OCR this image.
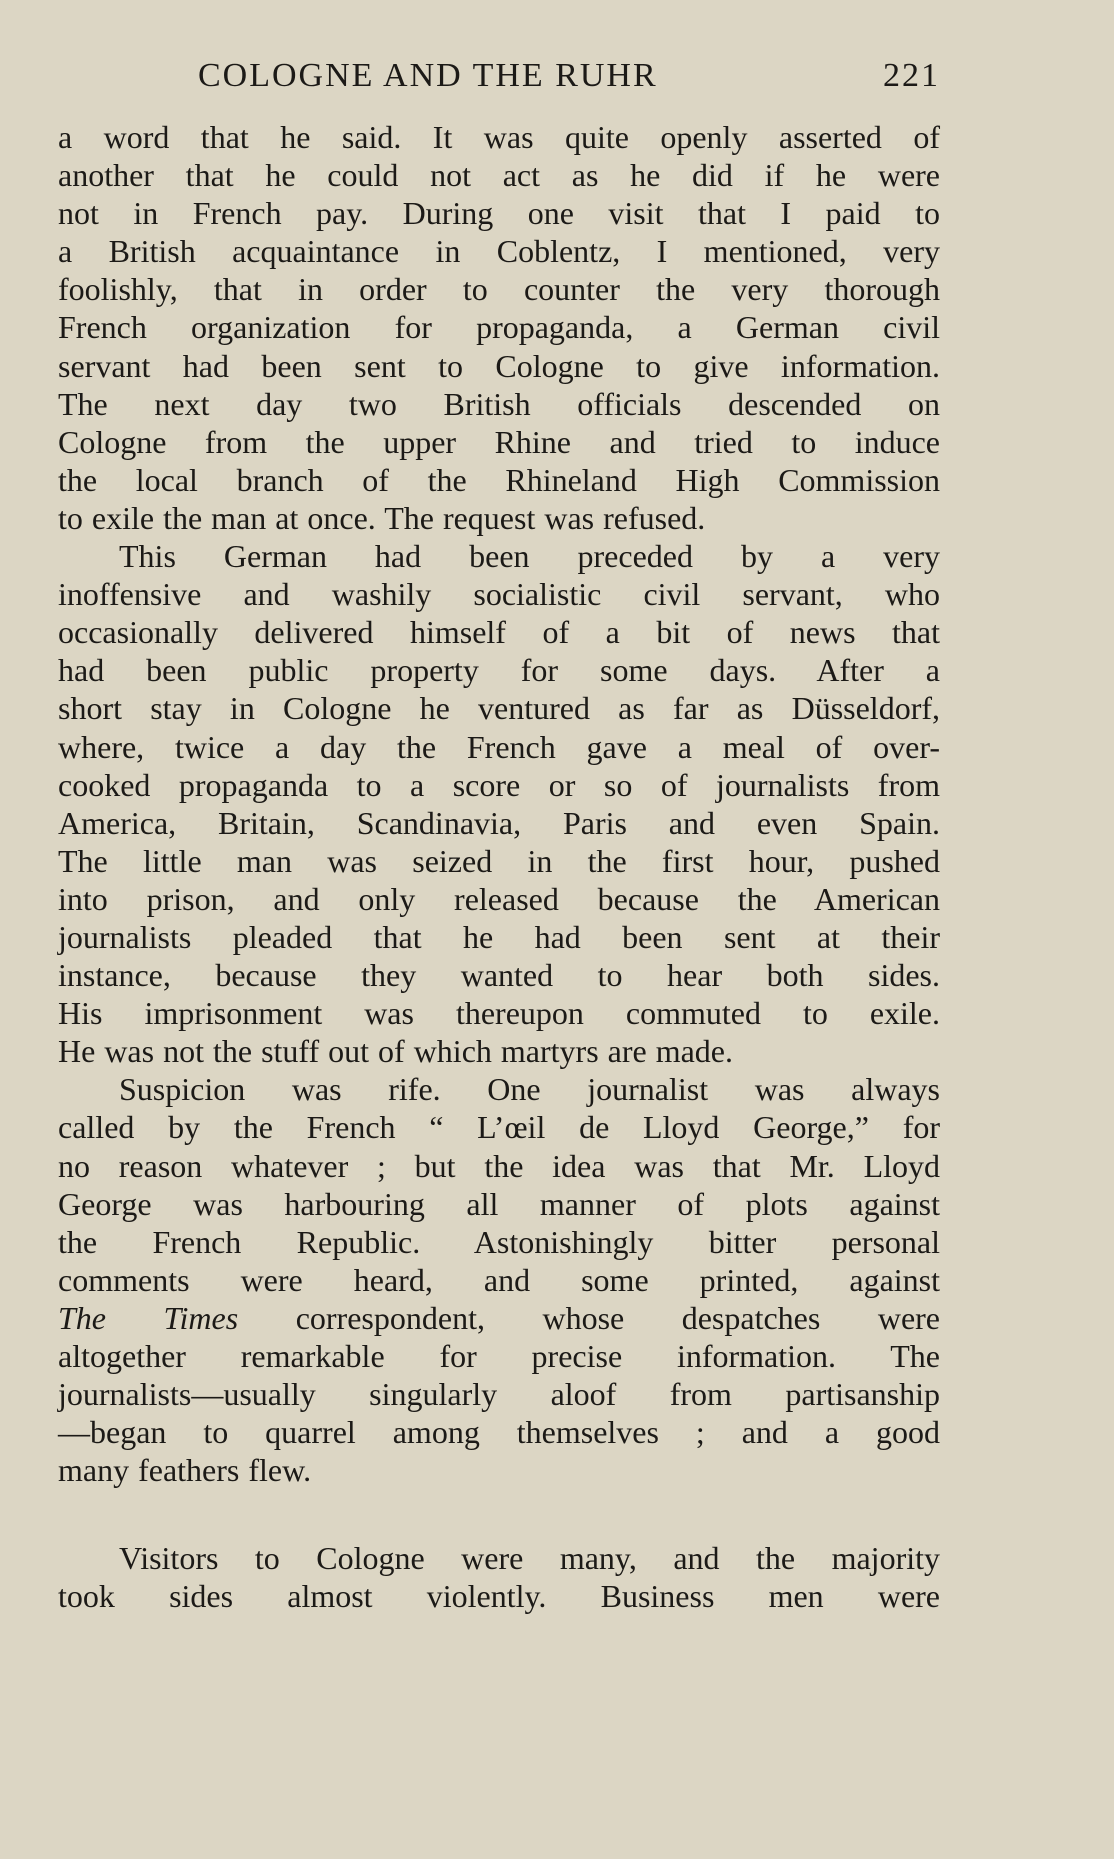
COLOGNE AND THE RUHR	221
a word that he said. It was quite openly asserted of
another that he could not act as he did if he were
not in French pay. During one visit that I paid to
a British acquaintance in Coblentz, I mentioned, very
foolishly, that in order to counter the very thorough
French organization for propaganda, a German civil
servant had been sent to Cologne to give information.
The next day two British officials descended on
Cologne from the upper Rhine and tried to induce
the local branch of the Rhineland High Commission
to exile the man at once. The request was refused.
This German had been preceded by a very
inoffensive and washily socialistic civil servant, who
occasionally delivered himself of a bit of news that
had been public property for some days. After a
short stay in Cologne he ventured as far as Düsseldorf,
where, twice a day the French gave a meal of over-
cooked propaganda to a score or so of journalists from
America, Britain, Scandinavia, Paris and even Spain.
The little man was seized in the first hour, pushed
into prison, and only released because the American
journalists pleaded that he had been sent at their
instance, because they wanted to hear both sides.
His imprisonment was thereupon commuted to exile.
He was not the stuff out of which martyrs are made.
Suspicion was rife. One journalist was always
called by the French “ L’œil de Lloyd George,” for
no reason whatever ; but the idea was that Mr. Lloyd
George was harbouring all manner of plots against
the French Republic. Astonishingly bitter personal
comments were heard, and some printed, against
The Times correspondent, whose despatches were
altogether remarkable for precise information. The
journalists—usually singularly aloof from partisanship
—began to quarrel among themselves ; and a good
many feathers flew.
Visitors to Cologne were many, and the majority
took sides almost violently. Business men were
